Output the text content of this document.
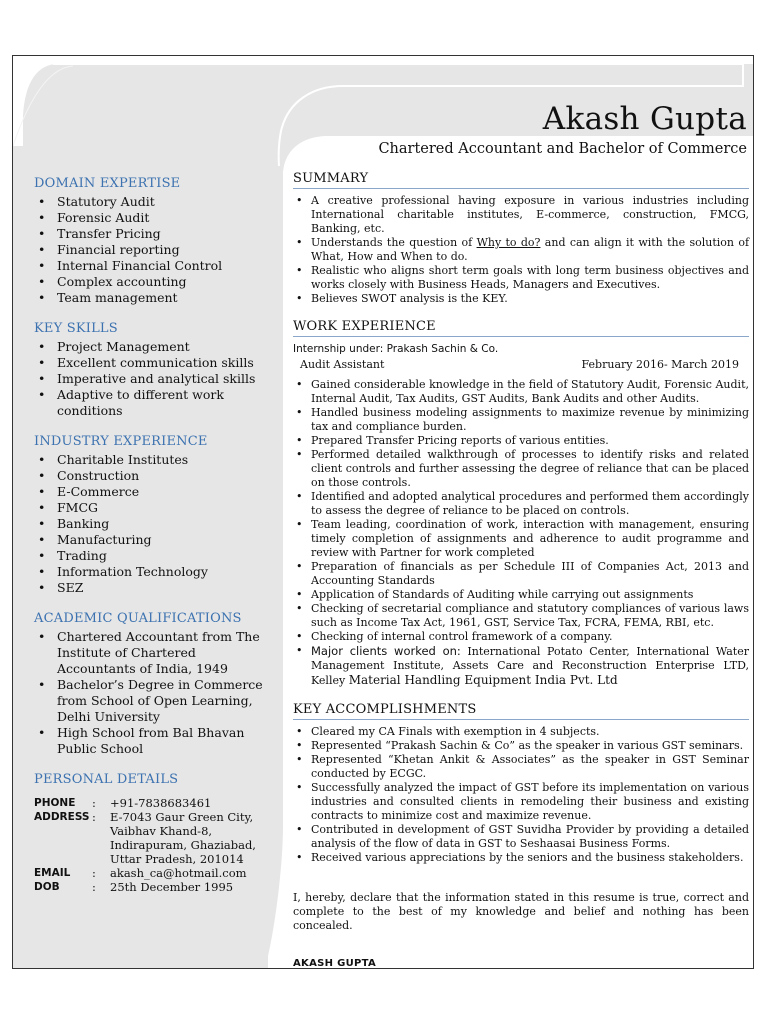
Akash Gupta
Chartered Accountant and Bachelor of Commerce
DOMAIN EXPERTISE
• Statutory Audit
• Forensic Audit
• Transfer Pricing
• Financial reporting
• Internal Financial Control
• Complex accounting
• Team management
KEY SKILLS
• Project Management
• Excellent communication skills
• Imperative and analytical skills
• Adaptive to different work conditions
INDUSTRY EXPERIENCE
• Charitable Institutes
• Construction
• E-Commerce
• FMCG
• Banking
• Manufacturing
• Trading
• Information Technology
• SEZ
ACADEMIC QUALIFICATIONS
• Chartered Accountant from The Institute of Chartered Accountants of India, 1949
• Bachelor’s Degree in Commerce from School of Open Learning, Delhi University
• High School from Bal Bhavan Public School
PERSONAL DETAILS
PHONE	:	+91-7838683461
ADDRESS :	E-7043 Gaur Green City, Vaibhav Khand-8, Indirapuram, Ghaziabad, Uttar Pradesh, 201014
EMAIL	:	akash_ca@hotmail.com
DOB	:	25th December 1995
SUMMARY
• A creative professional having exposure in various industries including International charitable institutes, E-commerce, construction, FMCG, Banking, etc.
• Understands the question of Why to do? and can align it with the solution of What, How and When to do.
• Realistic who aligns short term goals with long term business objectives and works closely with Business Heads, Managers and Executives.
• Believes SWOT analysis is the KEY.
WORK EXPERIENCE
Internship under: Prakash Sachin & Co.
Audit Assistant	February 2016- March 2019
• Gained considerable knowledge in the field of Statutory Audit, Forensic Audit, Internal Audit, Tax Audits, GST Audits, Bank Audits and other Audits.
• Handled business modeling assignments to maximize revenue by minimizing tax and compliance burden.
• Prepared Transfer Pricing reports of various entities.
• Performed detailed walkthrough of processes to identify risks and related client controls and further assessing the degree of reliance that can be placed on those controls.
• Identified and adopted analytical procedures and performed them accordingly to assess the degree of reliance to be placed on controls.
• Team leading, coordination of work, interaction with management, ensuring timely completion of assignments and adherence to audit programme and review with Partner for work completed
• Preparation of financials as per Schedule III of Companies Act, 2013 and Accounting Standards
• Application of Standards of Auditing while carrying out assignments
• Checking of secretarial compliance and statutory compliances of various laws such as Income Tax Act, 1961, GST, Service Tax, FCRA, FEMA, RBI, etc.
• Checking of internal control framework of a company.
• Major clients worked on: International Potato Center, International Water Management Institute, Assets Care and Reconstruction Enterprise LTD, Kelley Material Handling Equipment India Pvt. Ltd
KEY ACCOMPLISHMENTS
• Cleared my CA Finals with exemption in 4 subjects.
• Represented “Prakash Sachin & Co” as the speaker in various GST seminars.
• Represented “Khetan Ankit & Associates” as the speaker in GST Seminar conducted by ECGC.
• Successfully analyzed the impact of GST before its implementation on various industries and consulted clients in remodeling their business and existing contracts to minimize cost and maximize revenue.
• Contributed in development of GST Suvidha Provider by providing a detailed analysis of the flow of data in GST to Seshaasai Business Forms.
• Received various appreciations by the seniors and the business stakeholders.
I, hereby, declare that the information stated in this resume is true, correct and complete to the best of my knowledge and belief and nothing has been concealed.
AKASH GUPTA
